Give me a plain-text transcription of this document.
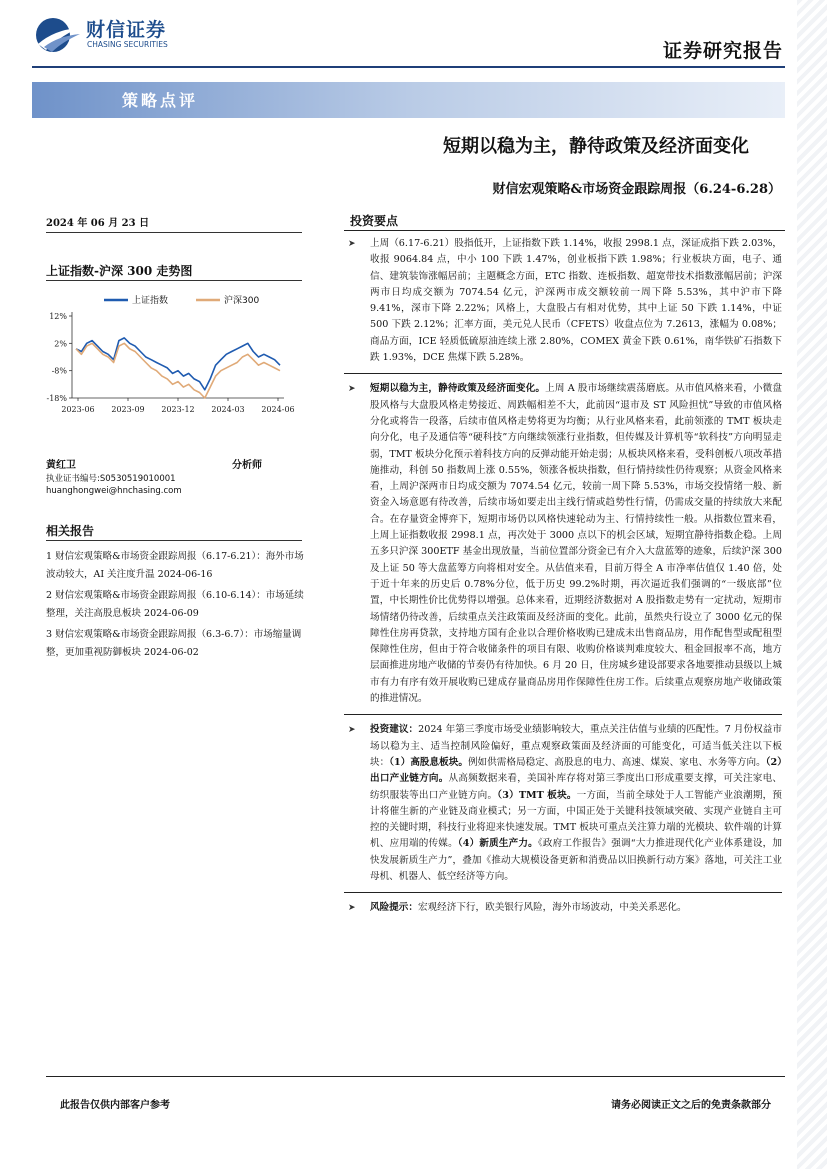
财信证券
CHASING SECURITIES	证券研究报告
策略点评
短期以稳为主，静待政策及经济面变化
财信宏观策略&市场资金跟踪周报（6.24-6.28）
2024 年 06 月 23 日
上证指数-沪深 300 走势图
上证指数	沪深300
12%
2%
-8%
-18%
2023-06 2023-09 2023-12 2024-03 2024-06
黄红卫	分析师
执业证书编号:S0530519010001
huanghongwei@hnchasing.com
相关报告

1 财信宏观策略&市场资金跟踪周报（6.17-6.21）：海外市场波动较大，AI 关注度升温 2024-06-16

2 财信宏观策略&市场资金跟踪周报（6.10-6.14）：市场延续整理，关注高股息板块 2024-06-09

3 财信宏观策略&市场资金跟踪周报（6.3-6.7）：市场缩量调整，更加重视防御板块 2024-06-02

投资要点

➤ 上周（6.17-6.21）股指低开，上证指数下跌 1.14%，收报 2998.1 点，深证成指下跌 2.03%，收报 9064.84 点，中小 100 下跌 1.47%，创业板指下跌 1.98%；行业板块方面，电子、通信、建筑装饰涨幅居前；主题概念方面，ETC 指数、连板指数、超宽带技术指数涨幅居前；沪深两市日均成交额为 7074.54 亿元，沪深两市成交额较前一周下降 5.53%，其中沪市下降 9.41%，深市下降 2.22%；风格上，大盘股占有相对优势，其中上证 50 下跌 1.14%，中证 500 下跌 2.12%；汇率方面，美元兑人民币（CFETS）收盘点位为 7.2613，涨幅为 0.08%；商品方面，ICE 轻质低硫原油连续上涨 2.80%，COMEX 黄金下跌 0.61%，南华铁矿石指数下跌 1.93%，DCE 焦煤下跌 5.28%。

➤ 短期以稳为主，静待政策及经济面变化。上周 A 股市场继续震荡磨底。从市值风格来看，小微盘股风格与大盘股风格走势接近、周跌幅相差不大，此前因“退市及 ST 风险担忧”导致的市值风格分化或将告一段落，后续市值风格走势将更为均衡；从行业风格来看，此前领涨的 TMT 板块走向分化，电子及通信等“硬科技”方向继续领涨行业指数，但传媒及计算机等“软科技”方向明显走弱，TMT 板块分化预示着科技方向的反弹动能开始走弱；从板块风格来看，受科创板八项改革措施推动，科创 50 指数周上涨 0.55%，领涨各板块指数，但行情持续性仍待观察；从资金风格来看，上周沪深两市日均成交额为 7074.54 亿元，较前一周下降 5.53%，市场交投情绪一般、新资金入场意愿有待改善，后续市场如要走出主线行情或趋势性行情，仍需成交量的持续放大来配合。在存量资金博弈下，短期市场仍以风格快速轮动为主、行情持续性一般。从指数位置来看，上周上证指数收报 2998.1 点，再次处于 3000 点以下的机会区域，短期宜静待指数企稳。上周五多只沪深 300ETF 基金出现放量，当前位置部分资金已有介入大盘蓝筹的迹象，后续沪深 300 及上证 50 等大盘蓝筹方向将相对安全。从估值来看，目前万得全 A 市净率估值仅 1.40 倍，处于近十年来的历史后 0.78%分位，低于历史 99.2%时期，再次逼近我们强调的“一级底部”位置，中长期性价比优势得以增强。总体来看，近期经济数据对 A 股指数走势有一定扰动，短期市场情绪仍待改善，后续重点关注政策面及经济面的变化。此前，虽然央行设立了 3000 亿元的保障性住房再贷款，支持地方国有企业以合理价格收购已建成未出售商品房，用作配售型或配租型保障性住房，但由于符合收储条件的项目有限、收购价格谈判难度较大、租金回报率不高，地方层面推进房地产收储的节奏仍有待加快。6 月 20 日，住房城乡建设部要求各地要推动县级以上城市有力有序有效开展收购已建成存量商品房用作保障性住房工作。后续重点观察房地产收储政策的推进情况。

➤ 投资建议：2024 年第三季度市场受业绩影响较大，重点关注估值与业绩的匹配性。7 月份权益市场以稳为主、适当控制风险偏好，重点观察政策面及经济面的可能变化，可适当低关注以下板块：（1）高股息板块。例如供需格局稳定、高股息的电力、高速、煤炭、家电、水务等方向。（2）出口产业链方向。从高频数据来看，美国补库存将对第三季度出口形成重要支撑，可关注家电、纺织服装等出口产业链方向。（3）TMT 板块。一方面，当前全球处于人工智能产业浪潮期，预计将催生新的产业链及商业模式；另一方面，中国正处于关键科技领域突破、实现产业链自主可控的关键时期，科技行业将迎来快速发展。TMT 板块可重点关注算力端的光模块、软件端的计算机、应用端的传媒。（4）新质生产力。《政府工作报告》强调“大力推进现代化产业体系建设，加快发展新质生产力”，叠加《推动大规模设备更新和消费品以旧换新行动方案》落地，可关注工业母机、机器人、低空经济等方向。

➤ 风险提示：宏观经济下行，欧美银行风险，海外市场波动，中美关系恶化。

此报告仅供内部客户参考	请务必阅读正文之后的免责条款部分
